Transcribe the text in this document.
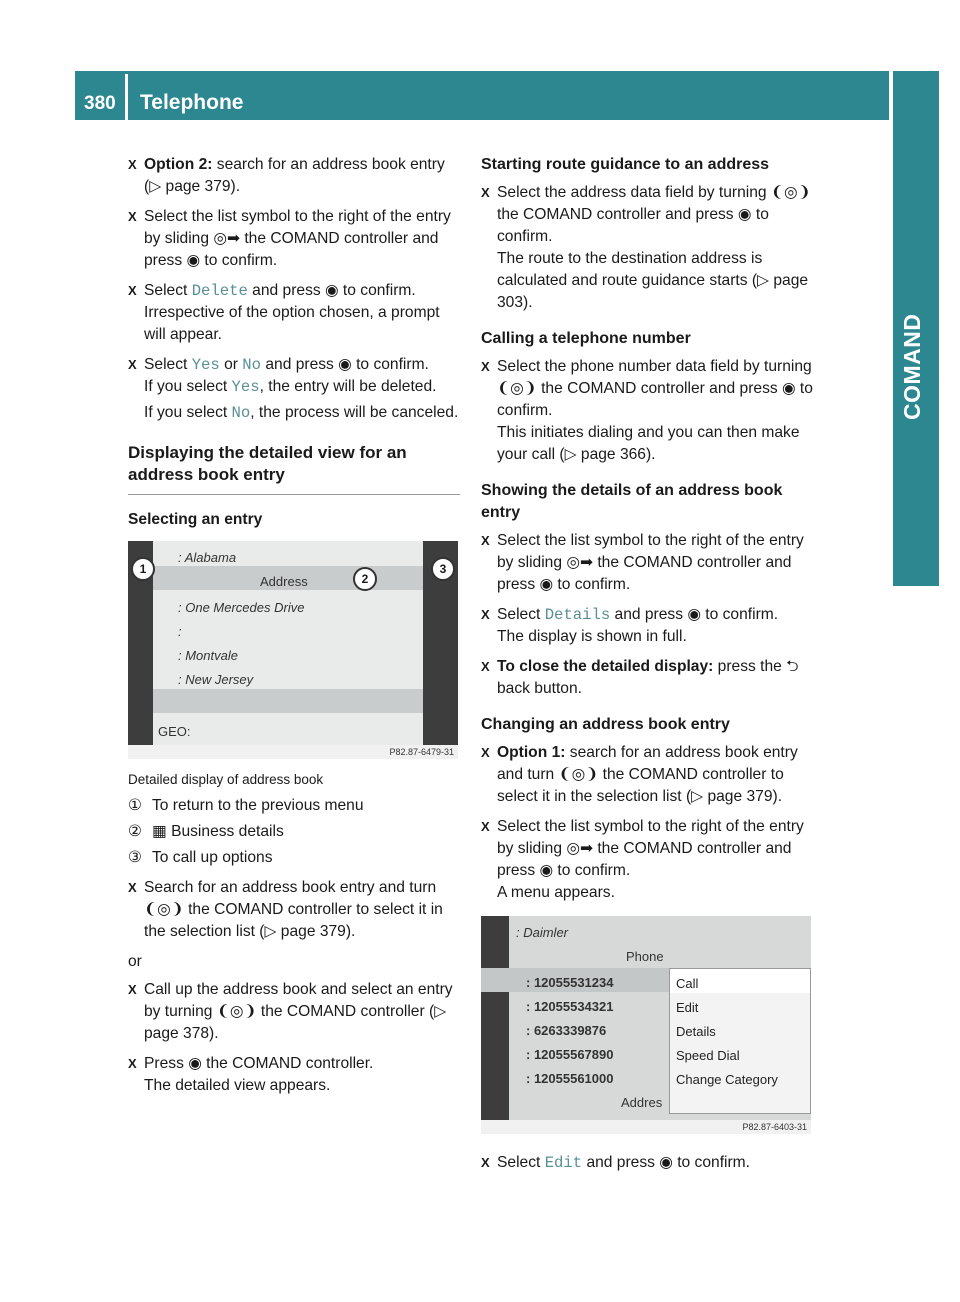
380 Telephone
COMAND
X Option 2: search for an address book entry (▷ page 379).
X Select the list symbol to the right of the entry by sliding ◎➡ the COMAND controller and press ◉ to confirm.
X Select Delete and press ◉ to confirm.
Irrespective of the option chosen, a prompt will appear.
X Select Yes or No and press ◉ to confirm.
If you select Yes, the entry will be deleted.
If you select No, the process will be canceled.
Displaying the detailed view for an address book entry
Selecting an entry
: Alabama
Address
: One Mercedes Drive
:
: Montvale
: New Jersey
GEO:
P82.87-6479-31
1
2
3
Detailed display of address book
① To return to the previous menu
② ▦ Business details
③ To call up options
X Search for an address book entry and turn ❨◎❩ the COMAND controller to select it in the selection list (▷ page 379).
or
X Call up the address book and select an entry by turning ❨◎❩ the COMAND controller (▷ page 378).
X Press ◉ the COMAND controller.
The detailed view appears.
Starting route guidance to an address
X Select the address data field by turning ❨◎❩ the COMAND controller and press ◉ to confirm.
The route to the destination address is calculated and route guidance starts (▷ page 303).
Calling a telephone number
X Select the phone number data field by turning ❨◎❩ the COMAND controller and press ◉ to confirm.
This initiates dialing and you can then make your call (▷ page 366).
Showing the details of an address book entry
X Select the list symbol to the right of the entry by sliding ◎➡ the COMAND controller and press ◉ to confirm.
X Select Details and press ◉ to confirm.
The display is shown in full.
X To close the detailed display: press the ⮌ back button.
Changing an address book entry
X Option 1: search for an address book entry and turn ❨◎❩ the COMAND controller to select it in the selection list (▷ page 379).
X Select the list symbol to the right of the entry by sliding ◎➡ the COMAND controller and press ◉ to confirm.
A menu appears.
: Daimler
Phone
: 12055531234
: 12055534321
: 6263339876
: 12055567890
: 12055561000
Addres
Call
Edit
Details
Speed Dial
Change Category
P82.87-6403-31
X Select Edit and press ◉ to confirm.
